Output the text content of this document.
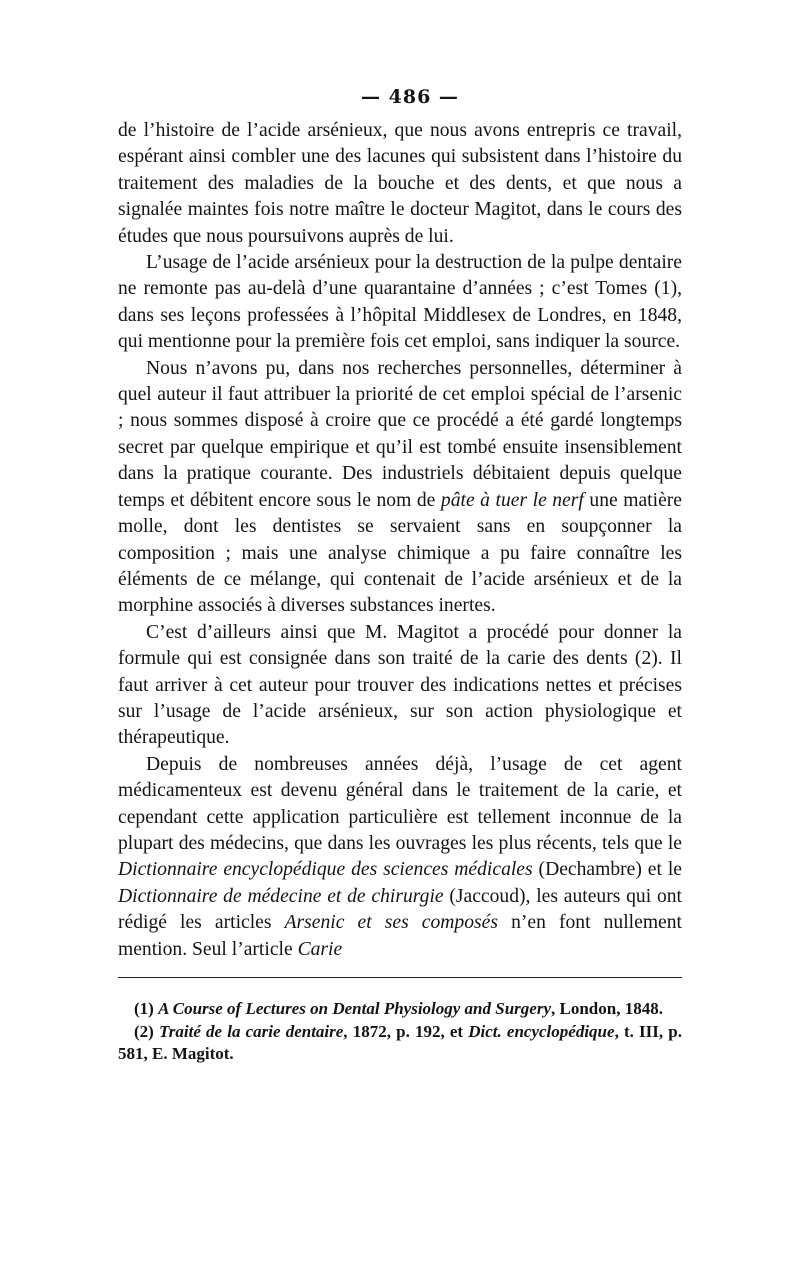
— 486 —

de l’histoire de l’acide arsénieux, que nous avons entrepris ce travail, espérant ainsi combler une des lacunes qui subsistent dans l’histoire du traitement des maladies de la bouche et des dents, et que nous a signalée maintes fois notre maître le docteur Magitot, dans le cours des études que nous poursuivons auprès de lui.

L’usage de l’acide arsénieux pour la destruction de la pulpe dentaire ne remonte pas au-delà d’une quarantaine d’années ; c’est Tomes (1), dans ses leçons professées à l’hôpital Middlesex de Londres, en 1848, qui mentionne pour la première fois cet emploi, sans indiquer la source.

Nous n’avons pu, dans nos recherches personnelles, déterminer à quel auteur il faut attribuer la priorité de cet emploi spécial de l’arsenic ; nous sommes disposé à croire que ce procédé a été gardé longtemps secret par quelque empirique et qu’il est tombé ensuite insensiblement dans la pratique courante. Des industriels débitaient depuis quelque temps et débitent encore sous le nom de pâte à tuer le nerf une matière molle, dont les dentistes se servaient sans en soupçonner la composition ; mais une analyse chimique a pu faire connaître les éléments de ce mélange, qui contenait de l’acide arsénieux et de la morphine associés à diverses substances inertes.

C’est d’ailleurs ainsi que M. Magitot a procédé pour donner la formule qui est consignée dans son traité de la carie des dents (2). Il faut arriver à cet auteur pour trouver des indications nettes et précises sur l’usage de l’acide arsénieux, sur son action physiologique et thérapeutique.

Depuis de nombreuses années déjà, l’usage de cet agent médicamenteux est devenu général dans le traitement de la carie, et cependant cette application particulière est tellement inconnue de la plupart des médecins, que dans les ouvrages les plus récents, tels que le Dictionnaire encyclopédique des sciences médicales (Dechambre) et le Dictionnaire de médecine et de chirurgie (Jaccoud), les auteurs qui ont rédigé les articles Arsenic et ses composés n’en font nullement mention. Seul l’article Carie

(1) A Course of Lectures on Dental Physiology and Surgery, London, 1848.

(2) Traité de la carie dentaire, 1872, p. 192, et Dict. encyclopédique, t. III, p. 581, E. Magitot.
